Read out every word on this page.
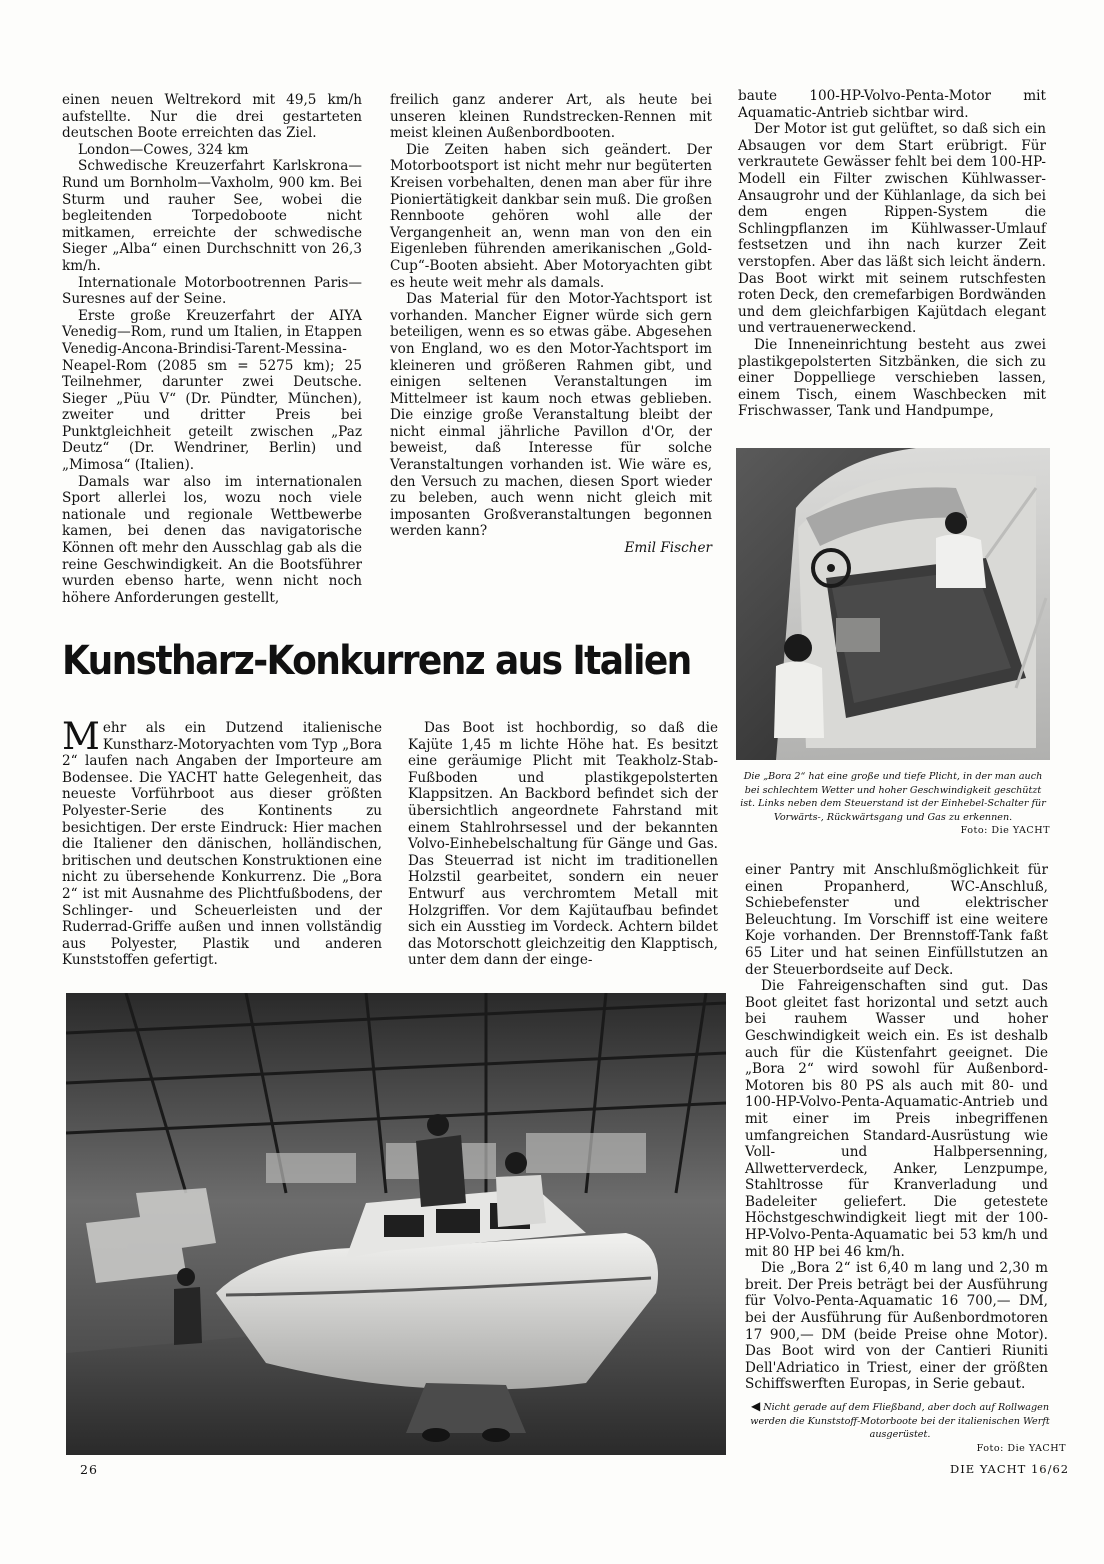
einen neuen Weltrekord mit 49,5 km/h aufstellte. Nur die drei gestarteten deutschen Boote erreichten das Ziel.

London—Cowes, 324 km

Schwedische Kreuzerfahrt Karlskrona—Rund um Bornholm—Vaxholm, 900 km. Bei Sturm und rauher See, wobei die begleitenden Torpedoboote nicht mitkamen, erreichte der schwedische Sieger „Alba“ einen Durchschnitt von 26,3 km/h.

Internationale Motorbootrennen Paris—Suresnes auf der Seine.

Erste große Kreuzerfahrt der AIYA Venedig—Rom, rund um Italien, in Etappen Venedig-Ancona-Brindisi-Tarent-Messina-Neapel-Rom (2085 sm = 5275 km); 25 Teilnehmer, darunter zwei Deutsche. Sieger „Püu V“ (Dr. Pündter, München), zweiter und dritter Preis bei Punktgleichheit geteilt zwischen „Paz Deutz“ (Dr. Wendriner, Berlin) und „Mimosa“ (Italien).

Damals war also im internationalen Sport allerlei los, wozu noch viele nationale und regionale Wettbewerbe kamen, bei denen das navigatorische Können oft mehr den Ausschlag gab als die reine Geschwindigkeit. An die Bootsführer wurden ebenso harte, wenn nicht noch höhere Anforderungen gestellt,

freilich ganz anderer Art, als heute bei unseren kleinen Rundstrecken-Rennen mit meist kleinen Außenbordbooten.

Die Zeiten haben sich geändert. Der Motorbootsport ist nicht mehr nur begüterten Kreisen vorbehalten, denen man aber für ihre Pioniertätigkeit dankbar sein muß. Die großen Rennboote gehören wohl alle der Vergangenheit an, wenn man von den ein Eigenleben führenden amerikanischen „Gold-Cup“-Booten absieht. Aber Motoryachten gibt es heute weit mehr als damals.

Das Material für den Motor-Yachtsport ist vorhanden. Mancher Eigner würde sich gern beteiligen, wenn es so etwas gäbe. Abgesehen von England, wo es den Motor-Yachtsport im kleineren und größeren Rahmen gibt, und einigen seltenen Veranstaltungen im Mittelmeer ist kaum noch etwas geblieben. Die einzige große Veranstaltung bleibt der nicht einmal jährliche Pavillon d'Or, der beweist, daß Interesse für solche Veranstaltungen vorhanden ist. Wie wäre es, den Versuch zu machen, diesen Sport wieder zu beleben, auch wenn nicht gleich mit imposanten Großveranstaltungen begonnen werden kann?

Emil Fischer

baute 100-HP-Volvo-Penta-Motor mit Aquamatic-Antrieb sichtbar wird.

Der Motor ist gut gelüftet, so daß sich ein Absaugen vor dem Start erübrigt. Für verkrautete Gewässer fehlt bei dem 100-HP-Modell ein Filter zwischen Kühlwasser-Ansaugrohr und der Kühlanlage, da sich bei dem engen Rippen-System die Schlingpflanzen im Kühlwasser-Umlauf festsetzen und ihn nach kurzer Zeit verstopfen. Aber das läßt sich leicht ändern. Das Boot wirkt mit seinem rutschfesten roten Deck, den cremefarbigen Bordwänden und dem gleichfarbigen Kajütdach elegant und vertrauenerweckend.

Die Inneneinrichtung besteht aus zwei plastikgepolsterten Sitzbänken, die sich zu einer Doppelliege verschieben lassen, einem Tisch, einem Waschbecken mit Frischwasser, Tank und Handpumpe,

Die „Bora 2“ hat eine große und tiefe Plicht, in der man auch bei schlechtem Wetter und hoher Geschwindigkeit geschützt ist. Links neben dem Steuerstand ist der Einhebel-Schalter für Vorwärts-, Rückwärtsgang und Gas zu erkennen.
Foto: Die YACHT
Kunstharz-Konkurrenz aus Italien

Mehr als ein Dutzend italienische Kunstharz-Motoryachten vom Typ „Bora 2“ laufen nach Angaben der Importeure am Bodensee. Die YACHT hatte Gelegenheit, das neueste Vorführboot aus dieser größten Polyester-Serie des Kontinents zu besichtigen. Der erste Eindruck: Hier machen die Italiener den dänischen, holländischen, britischen und deutschen Konstruktionen eine nicht zu übersehende Konkurrenz. Die „Bora 2“ ist mit Ausnahme des Plichtfußbodens, der Schlinger- und Scheuerleisten und der Ruderrad-Griffe außen und innen vollständig aus Polyester, Plastik und anderen Kunststoffen gefertigt.

Das Boot ist hochbordig, so daß die Kajüte 1,45 m lichte Höhe hat. Es besitzt eine geräumige Plicht mit Teakholz-Stab-Fußboden und plastikgepolsterten Klappsitzen. An Backbord befindet sich der übersichtlich angeordnete Fahrstand mit einem Stahlrohrsessel und der bekannten Volvo-Einhebelschaltung für Gänge und Gas. Das Steuerrad ist nicht im traditionellen Holzstil gearbeitet, sondern ein neuer Entwurf aus verchromtem Metall mit Holzgriffen. Vor dem Kajütaufbau befindet sich ein Ausstieg im Vordeck. Achtern bildet das Motorschott gleichzeitig den Klapptisch, unter dem dann der einge-

einer Pantry mit Anschlußmöglichkeit für einen Propanherd, WC-Anschluß, Schiebefenster und elektrischer Beleuchtung. Im Vorschiff ist eine weitere Koje vorhanden. Der Brennstoff-Tank faßt 65 Liter und hat seinen Einfüllstutzen an der Steuerbordseite auf Deck.

Die Fahreigenschaften sind gut. Das Boot gleitet fast horizontal und setzt auch bei rauhem Wasser und hoher Geschwindigkeit weich ein. Es ist deshalb auch für die Küstenfahrt geeignet. Die „Bora 2“ wird sowohl für Außenbord-Motoren bis 80 PS als auch mit 80- und 100-HP-Volvo-Penta-Aquamatic-Antrieb und mit einer im Preis inbegriffenen umfangreichen Standard-Ausrüstung wie Voll- und Halbpersenning, Allwetterverdeck, Anker, Lenzpumpe, Stahltrosse für Kranverladung und Badeleiter geliefert. Die getestete Höchstgeschwindigkeit liegt mit der 100-HP-Volvo-Penta-Aquamatic bei 53 km/h und mit 80 HP bei 46 km/h.

Die „Bora 2“ ist 6,40 m lang und 2,30 m breit. Der Preis beträgt bei der Ausführung für Volvo-Penta-Aquamatic 16 700,— DM, bei der Ausführung für Außenbordmotoren 17 900,— DM (beide Preise ohne Motor). Das Boot wird von der Cantieri Riuniti Dell'Adriatico in Triest, einer der größten Schiffswerften Europas, in Serie gebaut.

◀ Nicht gerade auf dem Fließband, aber doch auf Rollwagen werden die Kunststoff-Motorboote bei der italienischen Werft ausgerüstet.
Foto: Die YACHT
26	DIE YACHT 16/62
